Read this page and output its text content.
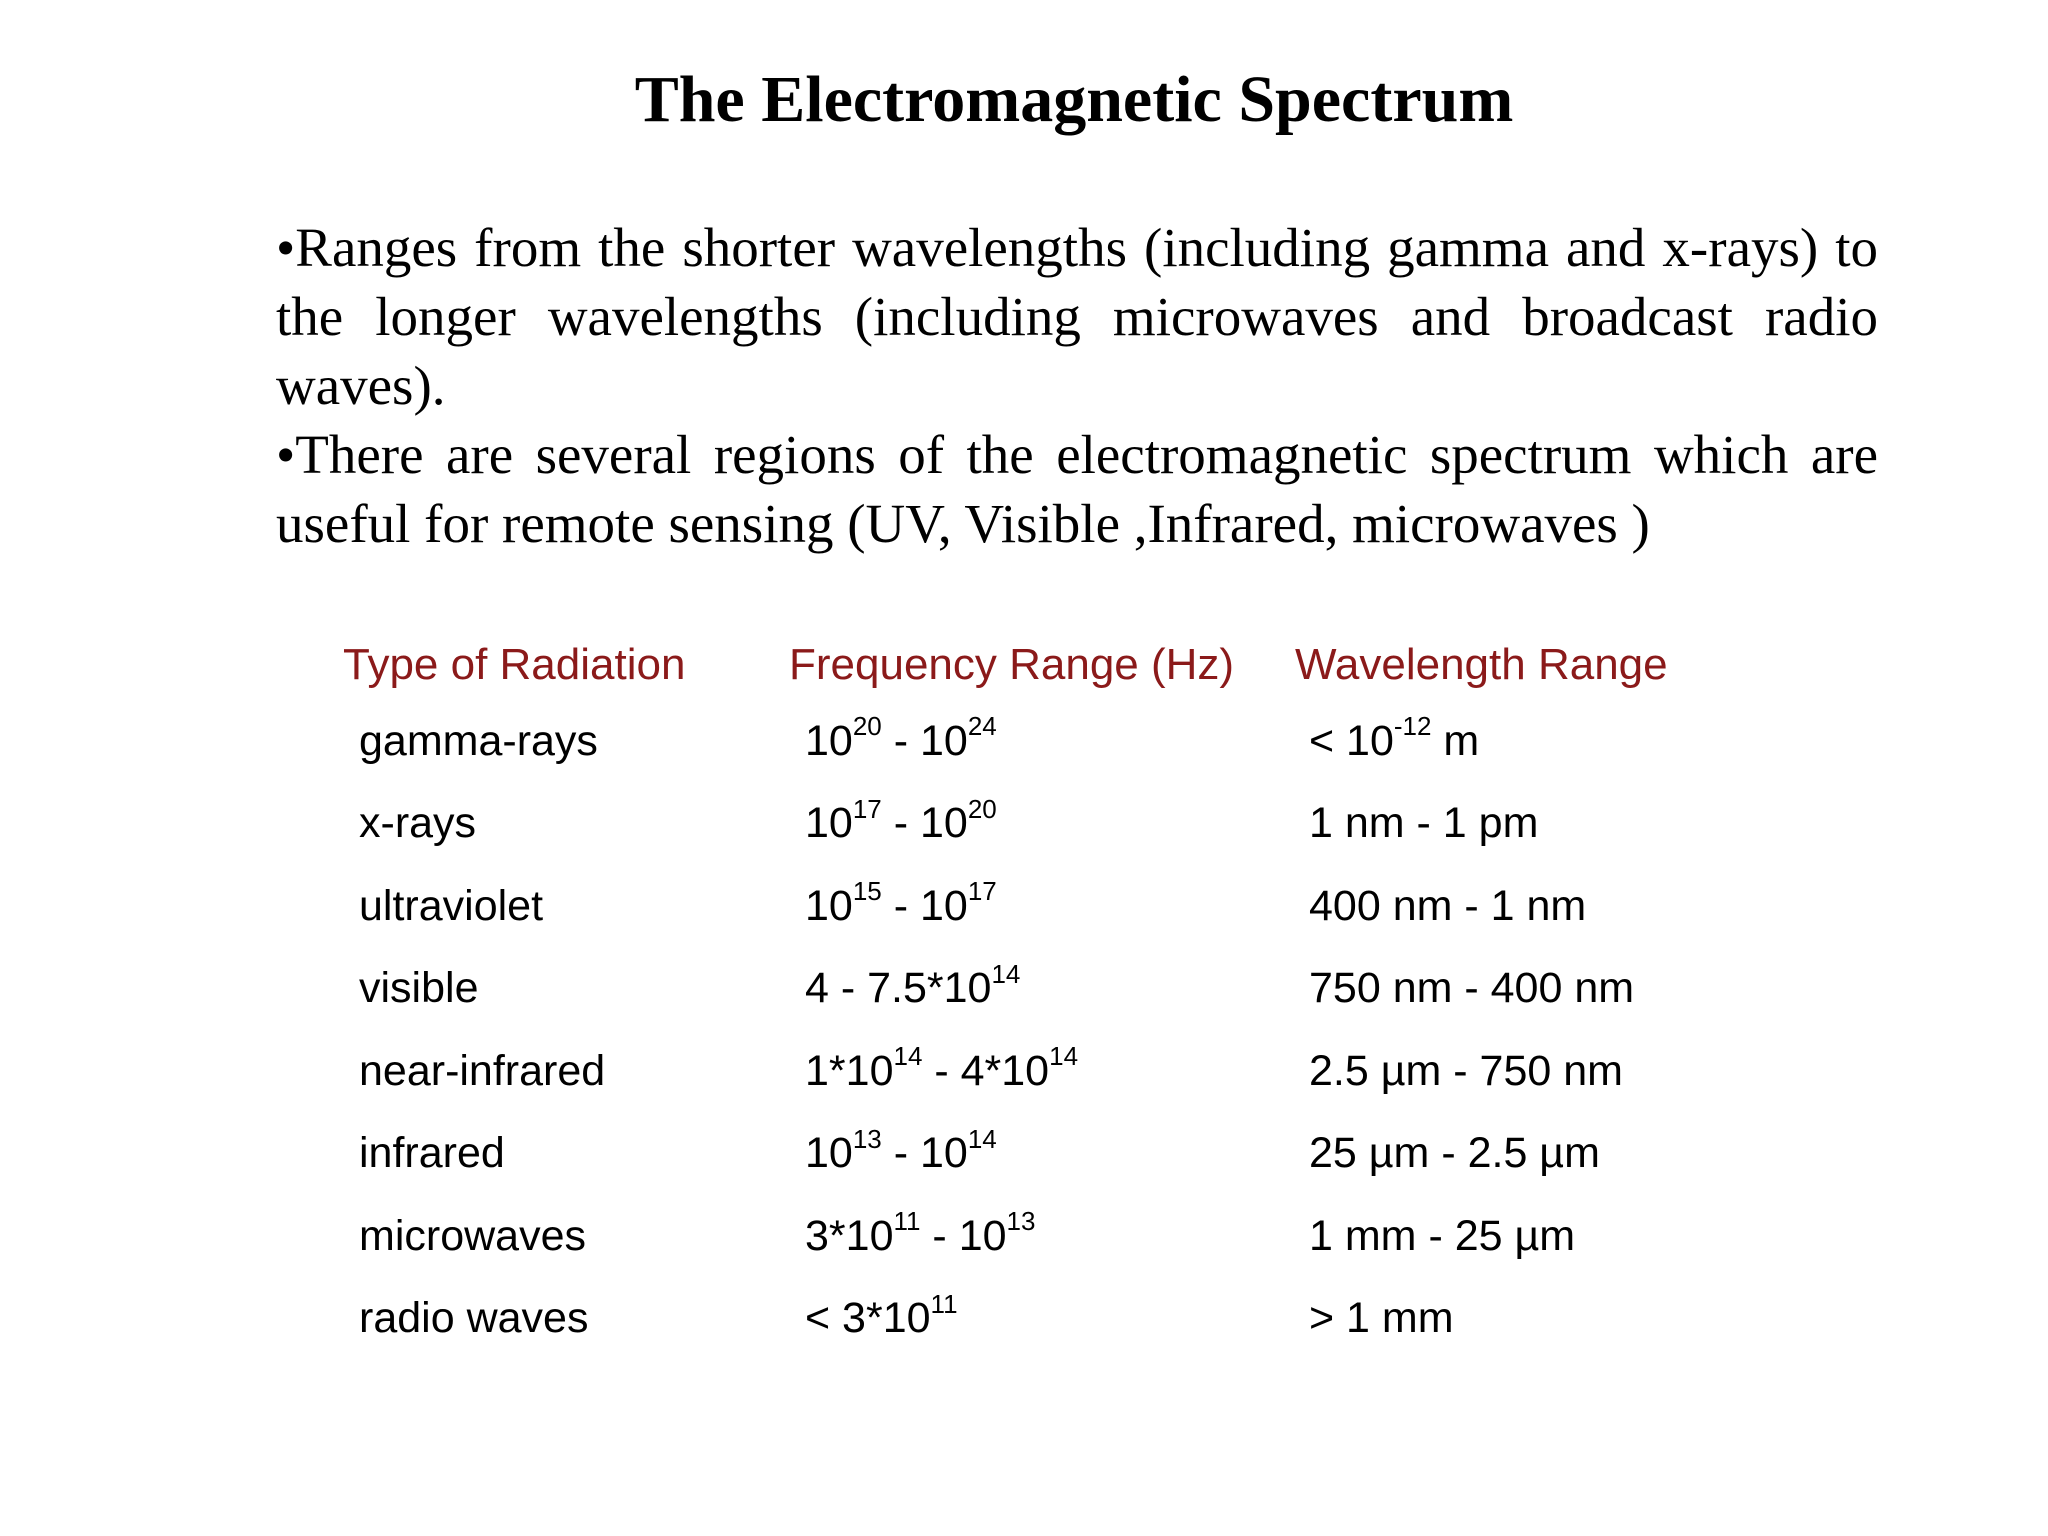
The Electromagnetic Spectrum

•Ranges from the shorter wavelengths (including gamma and x-rays) to the longer wavelengths (including microwaves and broadcast radio waves).

•There are several regions of the electromagnetic spectrum which are useful for remote sensing (UV, Visible ,Infrared, microwaves )

Type of Radiation	Frequency Range (Hz)	Wavelength Range
gamma-rays	$10^{20} - 10^{24}$	< $10^{-12}$ m
x-rays	$10^{17} - 10^{20}$	1 nm - 1 pm
ultraviolet	$10^{15} - 10^{17}$	400 nm - 1 nm
visible	$4 - 7.5*10^{14}$	750 nm - 400 nm
near-infrared	$1*10^{14} - 4*10^{14}$	2.5 µm - 750 nm
infrared	$10^{13} - 10^{14}$	25 µm - 2.5 µm
microwaves	$3*10^{11} - 10^{13}$	1 mm - 25 µm
radio waves	< $3*10^{11}$	> 1 mm
